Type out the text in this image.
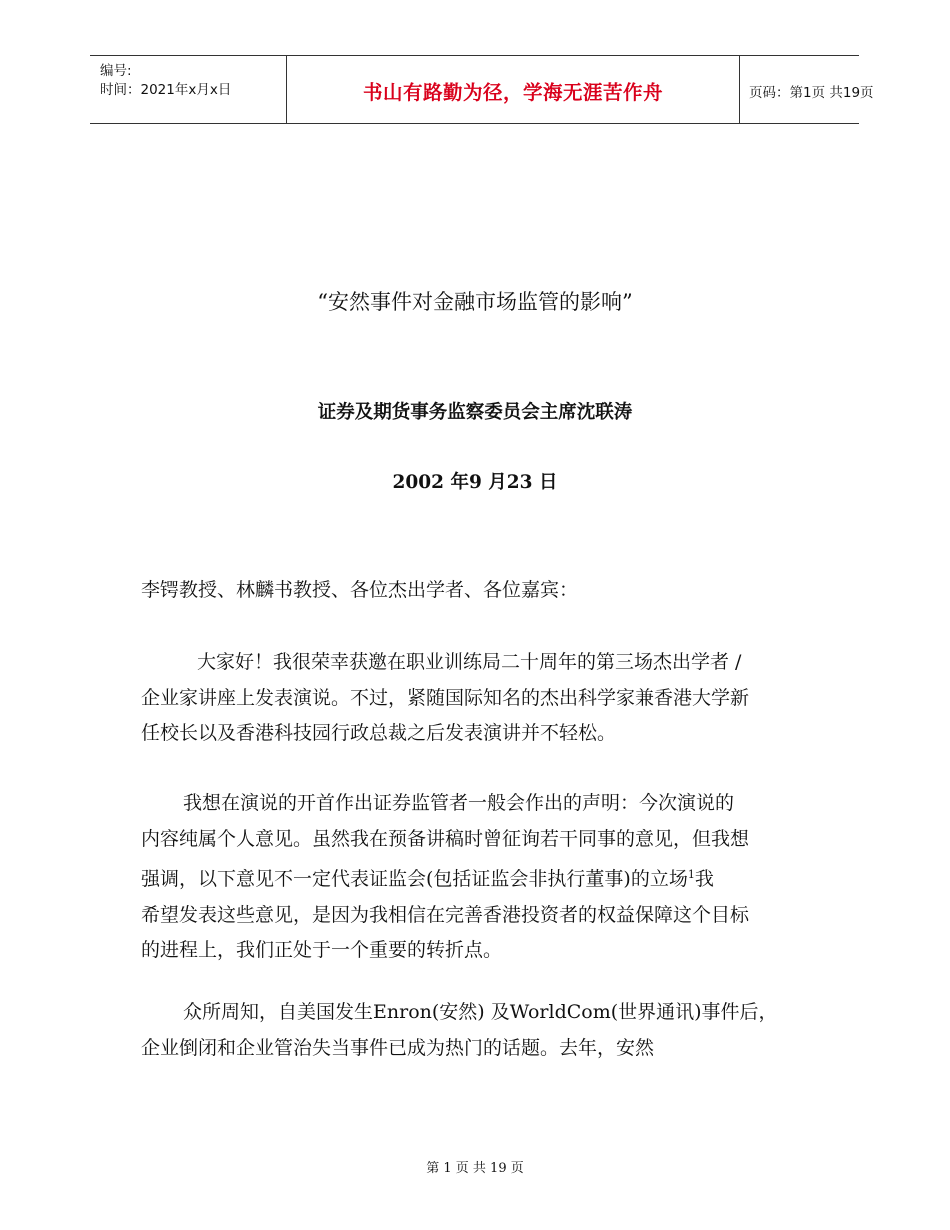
编号:
时间：2021年x月x日	书山有路勤为径，学海无涯苦作舟	页码：第1页 共19页
“安然事件对金融市场监管的影响”
证券及期货事务监察委员会主席沈联涛
2002 年9 月23 日
李锷教授、林麟书教授、各位杰出学者、各位嘉宾：
大家好！我很荣幸获邀在职业训练局二十周年的第三场杰出学者 /
企业家讲座上发表演说。不过，紧随国际知名的杰出科学家兼香港大学新
任校长以及香港科技园行政总裁之后发表演讲并不轻松。
我想在演说的开首作出证券监管者一般会作出的声明：今次演说的
内容纯属个人意见。虽然我在预备讲稿时曾征询若干同事的意见，但我想
强调，以下意见不一定代表证监会(包括证监会非执行董事)的立场$^1$我
希望发表这些意见，是因为我相信在完善香港投资者的权益保障这个目标
的进程上，我们正处于一个重要的转折点。
众所周知，自美国发生Enron(安然) 及WorldCom(世界通讯)事件后，
企业倒闭和企业管治失当事件已成为热门的话题。去年，安然
第 1 页 共 19 页
